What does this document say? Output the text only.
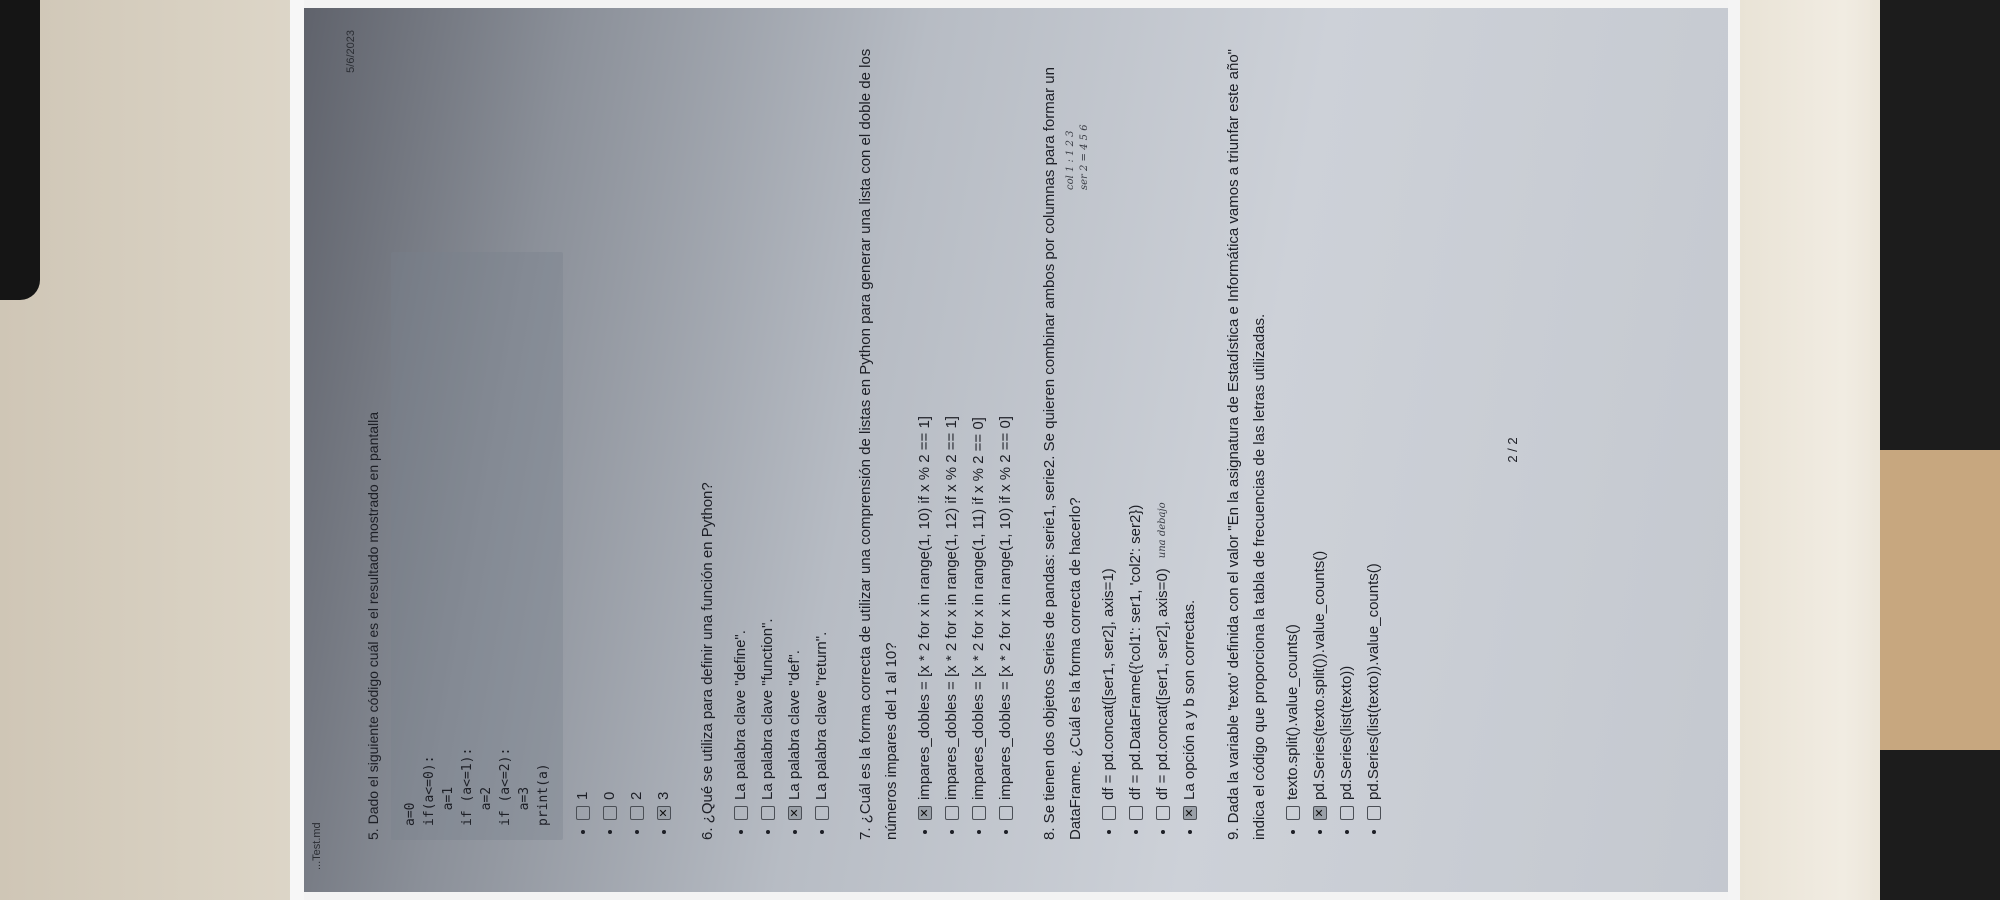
...Test.md
5/6/2023
5. Dado el siguiente código cuál es el resultado mostrado en pantalla	a=0
if(a<=0):
a=1
if (a<=1):
a=2
if (a<=2):
a=3
print(a)	1 0 2
✕
3
6. ¿Qué se utiliza para definir una función en Python?	La palabra clave "define". La palabra clave "function".
✕
La palabra clave "def". La palabra clave "return".
7. ¿Cuál es la forma correcta de utilizar una comprensión de listas en Python para generar una lista con el doble de los números impares del 1 al 10?	✕
impares_dobles = [x * 2 for x in range(1, 10) if x % 2 == 1] impares_dobles = [x * 2 for x in range(1, 12) if x % 2 == 1] impares_dobles = [x * 2 for x in range(1, 11) if x % 2 == 0] impares_dobles = [x * 2 for x in range(1, 10) if x % 2 == 0]
8. Se tienen dos objetos Series de pandas: serie1, serie2. Se quieren combinar ambos por columnas para formar un DataFrame. ¿Cuál es la forma correcta de hacerlo?
col 1 : 1 2 3 ser 2 = 4 5 6
df = pd.concat([ser1, ser2], axis=1) df = pd.DataFrame({'col1': ser1, 'col2': ser2}) df = pd.concat([ser1, ser2], axis=0)
una debajo
✕
La opción a y b son correctas.
9. Dada la variable 'texto' definida con el valor "En la asignatura de Estadística e Informática vamos a triunfar este año" indica el código que proporciona la tabla de frecuencias de las letras utilizadas.	texto.split().value_counts()
✕
pd.Series(texto.split()).value_counts() pd.Series(list(texto)) pd.Series(list(texto)).value_counts()
2 / 2
